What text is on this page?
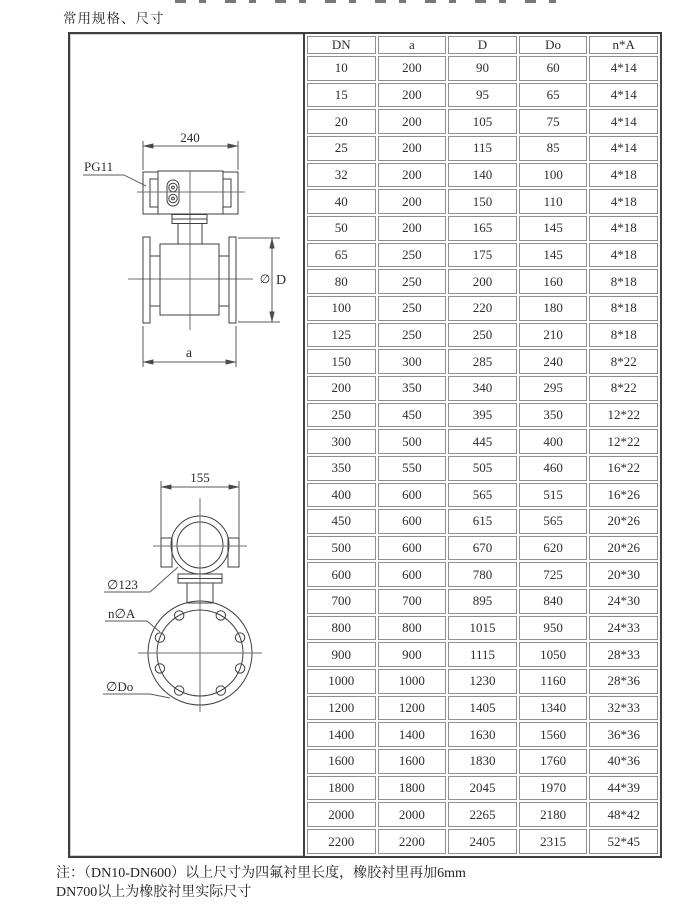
常用规格、尺寸
240
PG11
∅ D
a
155
∅123
n∅A
∅Do
DN	a	D	Do	n*A
10	200	90	60	4*14
15	200	95	65	4*14
20	200	105	75	4*14
25	200	115	85	4*14
32	200	140	100	4*18
40	200	150	110	4*18
50	200	165	145	4*18
65	250	175	145	4*18
80	250	200	160	8*18
100	250	220	180	8*18
125	250	250	210	8*18
150	300	285	240	8*22
200	350	340	295	8*22
250	450	395	350	12*22
300	500	445	400	12*22
350	550	505	460	16*22
400	600	565	515	16*26
450	600	615	565	20*26
500	600	670	620	20*26
600	600	780	725	20*30
700	700	895	840	24*30
800	800	1015	950	24*33
900	900	1115	1050	28*33
1000	1000	1230	1160	28*36
1200	1200	1405	1340	32*33
1400	1400	1630	1560	36*36
1600	1600	1830	1760	40*36
1800	1800	2045	1970	44*39
2000	2000	2265	2180	48*42
2200	2200	2405	2315	52*45
注：（DN10-DN600）以上尺寸为四氟衬里长度，橡胶衬里再加6mm
DN700以上为橡胶衬里实际尺寸
